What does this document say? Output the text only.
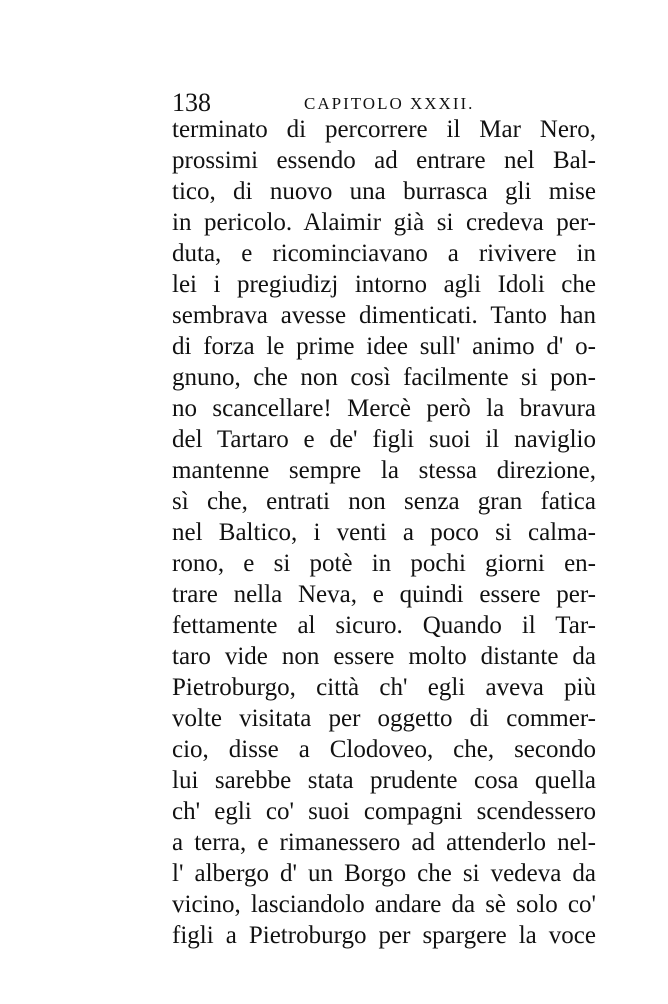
138	CAPITOLO XXXII.
terminato di percorrere il Mar Nero,
prossimi essendo ad entrare nel Bal-
tico, di nuovo una burrasca gli mise
in pericolo. Alaimir già si credeva per-
duta, e ricominciavano a rivivere in
lei i pregiudizj intorno agli Idoli che
sembrava avesse dimenticati. Tanto han
di forza le prime idee sull' animo d' o-
gnuno, che non così facilmente si pon-
no scancellare! Mercè però la bravura
del Tartaro e de' figli suoi il naviglio
mantenne sempre la stessa direzione,
sì che, entrati non senza gran fatica
nel Baltico, i venti a poco si calma-
rono, e si potè in pochi giorni en-
trare nella Neva, e quindi essere per-
fettamente al sicuro. Quando il Tar-
taro vide non essere molto distante da
Pietroburgo, città ch' egli aveva più
volte visitata per oggetto di commer-
cio, disse a Clodoveo, che, secondo
lui sarebbe stata prudente cosa quella
ch' egli co' suoi compagni scendessero
a terra, e rimanessero ad attenderlo nel-
l' albergo d' un Borgo che si vedeva da
vicino, lasciandolo andare da sè solo co'
figli a Pietroburgo per spargere la voce
